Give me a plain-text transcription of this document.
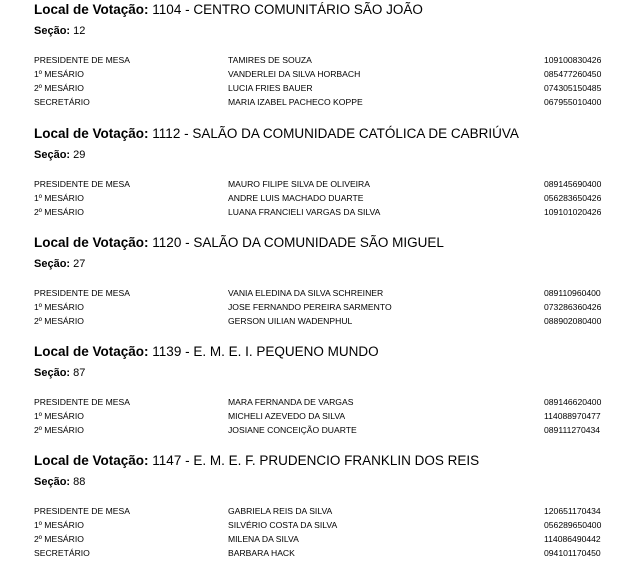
Local de Votação: 1104 - CENTRO COMUNITÁRIO SÃO JOÃO
Seção: 12
PRESIDENTE DE MESA	TAMIRES DE SOUZA	109100830426
1º MESÁRIO	VANDERLEI DA SILVA HORBACH	085477260450
2º MESÁRIO	LUCIA FRIES BAUER	074305150485
SECRETÁRIO	MARIA IZABEL PACHECO KOPPE	067955010400
Local de Votação: 1112 - SALÃO DA COMUNIDADE CATÓLICA DE CABRIÚVA
Seção: 29
PRESIDENTE DE MESA	MAURO FILIPE SILVA DE OLIVEIRA	089145690400
1º MESÁRIO	ANDRE LUIS MACHADO DUARTE	056283650426
2º MESÁRIO	LUANA FRANCIELI VARGAS DA SILVA	109101020426
Local de Votação: 1120 - SALÃO DA COMUNIDADE SÃO MIGUEL
Seção: 27
PRESIDENTE DE MESA	VANIA ELEDINA DA SILVA SCHREINER	089110960400
1º MESÁRIO	JOSE FERNANDO PEREIRA SARMENTO	073286360426
2º MESÁRIO	GERSON UILIAN WADENPHUL	088902080400
Local de Votação: 1139 - E. M. E. I. PEQUENO MUNDO
Seção: 87
PRESIDENTE DE MESA	MARA FERNANDA DE VARGAS	089146620400
1º MESÁRIO	MICHELI AZEVEDO DA SILVA	114088970477
2º MESÁRIO	JOSIANE CONCEIÇÃO DUARTE	089111270434
Local de Votação: 1147 - E. M. E. F. PRUDENCIO FRANKLIN DOS REIS
Seção: 88
PRESIDENTE DE MESA	GABRIELA REIS DA SILVA	120651170434
1º MESÁRIO	SILVÉRIO COSTA DA SILVA	056289650400
2º MESÁRIO	MILENA DA SILVA	114086490442
SECRETÁRIO	BARBARA HACK	094101170450
